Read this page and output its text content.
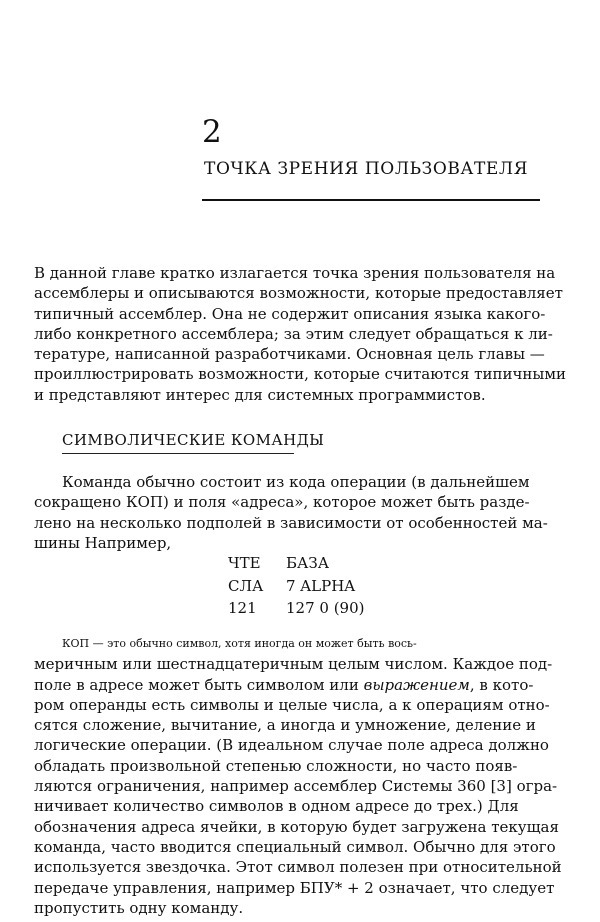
2
ТОЧКА ЗРЕНИЯ ПОЛЬЗОВАТЕЛЯ
В данной главе кратко излагается точка зрения пользователя на
ассемблеры и описываются возможности, которые предоставляет
типичный ассемблер. Она не содержит описания языка какого-
либо конкретного ассемблера; за этим следует обращаться к ли-
тературе, написанной разработчиками. Основная цель главы —
проиллюстрировать возможности, которые считаются типичными
и представляют интерес для системных программистов.
СИМВОЛИЧЕСКИЕ КОМАНДЫ
Команда обычно состоит из кода операции (в дальнейшем
сокращено КОП) и поля «адреса», которое может быть разде-
лено на несколько подполей в зависимости от особенностей ма-
шины Например,
ЧТЕ	БАЗА
СЛА	7 ALPHA
121	127 0 (90)
КОП — это обычно символ, хотя иногда он может быть вось-
меричным или шестнадцатеричным целым числом. Каждое под-
поле в адресе может быть символом или выражением, в кото-
ром операнды есть символы и целые числа, а к операциям отно-
сятся сложение, вычитание, а иногда и умножение, деление и
логические операции. (В идеальном случае поле адреса должно
обладать произвольной степенью сложности, но часто появ-
ляются ограничения, например ассемблер Системы 360 [3] огра-
ничивает количество символов в одном адресе до трех.) Для
обозначения адреса ячейки, в которую будет загружена текущая
команда, часто вводится специальный символ. Обычно для этого
используется звездочка. Этот символ полезен при относительной
передаче управления, например БПУ* + 2 означает, что следует
пропустить одну команду.
